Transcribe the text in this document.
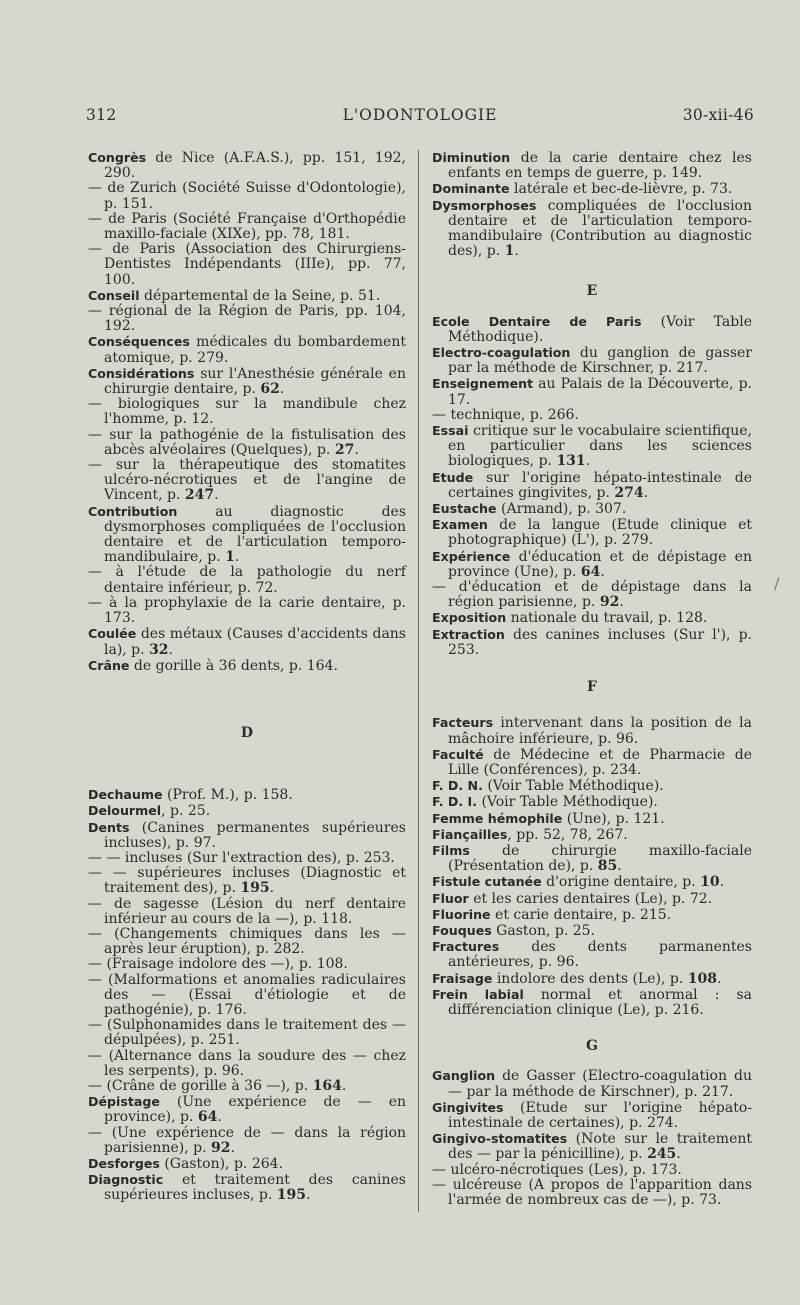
312	L'ODONTOLOGIE	30-xii-46

Congrès de Nice (A.F.A.S.), pp. 151, 192, 290.

— de Zurich (Société Suisse d'Odontologie), p. 151.

— de Paris (Société Française d'Orthopédie maxillo-faciale (XIXe), pp. 78, 181.

— de Paris (Association des Chirurgiens-Dentistes Indépendants (IIIe), pp. 77, 100.

Conseil départemental de la Seine, p. 51.

— régional de la Région de Paris, pp. 104, 192.

Conséquences médicales du bombardement atomique, p. 279.

Considérations sur l'Anesthésie générale en chirurgie dentaire, p. 62.

— biologiques sur la mandibule chez l'homme, p. 12.

— sur la pathogénie de la fistulisation des abcès alvéolaires (Quelques), p. 27.

— sur la thérapeutique des stomatites ulcéro-nécrotiques et de l'angine de Vincent, p. 247.

Contribution au diagnostic des dysmorphoses compliquées de l'occlusion dentaire et de l'articulation temporo-mandibulaire, p. 1.

— à l'étude de la pathologie du nerf dentaire inférieur, p. 72.

— à la prophylaxie de la carie dentaire, p. 173.

Coulée des métaux (Causes d'accidents dans la), p. 32.

Crâne de gorille à 36 dents, p. 164.

D

Dechaume (Prof. M.), p. 158.

Delourmel, p. 25.

Dents (Canines permanentes supérieures incluses), p. 97.

— — incluses (Sur l'extraction des), p. 253.

— — supérieures incluses (Diagnostic et traitement des), p. 195.

— de sagesse (Lésion du nerf dentaire inférieur au cours de la —), p. 118.

— (Changements chimiques dans les — après leur éruption), p. 282.

— (Fraisage indolore des —), p. 108.

— (Malformations et anomalies radiculaires des — (Essai d'étiologie et de pathogénie), p. 176.

— (Sulphonamides dans le traitement des — dépulpées), p. 251.

— (Alternance dans la soudure des — chez les serpents), p. 96.

— (Crâne de gorille à 36 —), p. 164.

Dépistage (Une expérience de — en province), p. 64.

— (Une expérience de — dans la région parisienne), p. 92.

Desforges (Gaston), p. 264.

Diagnostic et traitement des canines supérieures incluses, p. 195.

Diminution de la carie dentaire chez les enfants en temps de guerre, p. 149.

Dominante latérale et bec-de-lièvre, p. 73.

Dysmorphoses compliquées de l'occlusion dentaire et de l'articulation temporo-mandibulaire (Contribution au diagnostic des), p. 1.

E

Ecole Dentaire de Paris (Voir Table Méthodique).

Electro-coagulation du ganglion de gasser par la méthode de Kirschner, p. 217.

Enseignement au Palais de la Découverte, p. 17.

— technique, p. 266.

Essai critique sur le vocabulaire scientifique, en particulier dans les sciences biologiques, p. 131.

Etude sur l'origine hépato-intestinale de certaines gingivites, p. 274.

Eustache (Armand), p. 307.

Examen de la langue (Etude clinique et photographique) (L'), p. 279.

Expérience d'éducation et de dépistage en province (Une), p. 64.

— d'éducation et de dépistage dans la région parisienne, p. 92.

Exposition nationale du travail, p. 128.

Extraction des canines incluses (Sur l'), p. 253.

F

Facteurs intervenant dans la position de la mâchoire inférieure, p. 96.

Faculté de Médecine et de Pharmacie de Lille (Conférences), p. 234.

F. D. N. (Voir Table Méthodique).

F. D. I. (Voir Table Méthodique).

Femme hémophile (Une), p. 121.

Fiançailles, pp. 52, 78, 267.

Films de chirurgie maxillo-faciale (Présentation de), p. 85.

Fistule cutanée d'origine dentaire, p. 10.

Fluor et les caries dentaires (Le), p. 72.

Fluorine et carie dentaire, p. 215.

Fouques Gaston, p. 25.

Fractures des dents parmanentes antérieures, p. 96.

Fraisage indolore des dents (Le), p. 108.

Frein labial normal et anormal : sa différenciation clinique (Le), p. 216.

G

Ganglion de Gasser (Electro-coagulation du — par la méthode de Kirschner), p. 217.

Gingivites (Etude sur l'origine hépato-intestinale de certaines), p. 274.

Gingivo-stomatites (Note sur le traitement des — par la pénicilline), p. 245.

— ulcéro-nécrotiques (Les), p. 173.

— ulcéreuse (A propos de l'apparition dans l'armée de nombreux cas de —), p. 73.

/
